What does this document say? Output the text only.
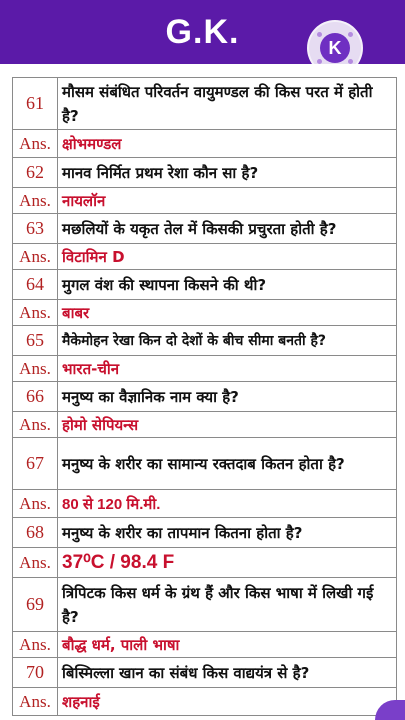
G.K.	K
61	मौसम संबंधित परिवर्तन वायुमण्डल की किस परत में होती है?
Ans.	क्षोभमण्डल
62	मानव निर्मित प्रथम रेशा कौन सा है?
Ans.	नायलॉन
63	मछलियों के यकृत तेल में किसकी प्रचुरता होती है?
Ans.	विटामिन D
64	मुगल वंश की स्थापना किसने की थी?
Ans.	बाबर
65	मैकेमोहन रेखा किन दो देशों के बीच सीमा बनती है?
Ans.	भारत-चीन
66	मनुष्य का वैज्ञानिक नाम क्या है?
Ans.	होमो सेपियन्स
67	मनुष्य के शरीर का सामान्य रक्तदाब कितन होता है?
Ans.	80 से 120 मि.मी.
68	मनुष्य के शरीर का तापमान कितना होता है?
Ans.	37⁰C / 98.4 F
69	त्रिपिटक किस धर्म के ग्रंथ हैं और किस भाषा में लिखी गई है?
Ans.	बौद्ध धर्म, पाली भाषा
70	बिस्मिल्ला खान का संबंध किस वाद्ययंत्र से है?
Ans.	शहनाई
